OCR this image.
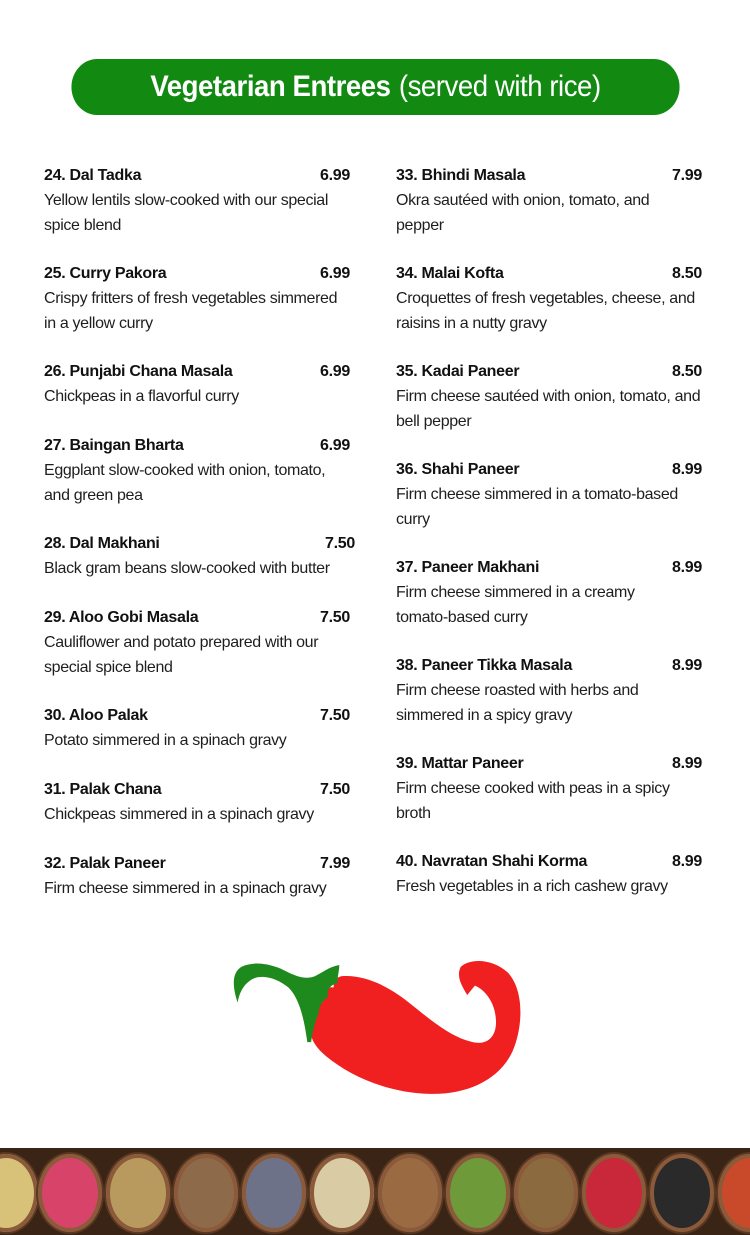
Vegetarian Entrees (served with rice)
24. Dal Tadka	6.99
Yellow lentils slow-cooked with our special spice blend
25. Curry Pakora	6.99
Crispy fritters of fresh vegetables simmered in a yellow curry
26. Punjabi Chana Masala	6.99
Chickpeas in a flavorful curry
27. Baingan Bharta	6.99
Eggplant slow-cooked with onion, tomato, and green pea
28. Dal Makhani	7.50
Black gram beans slow-cooked with butter
29. Aloo Gobi Masala	7.50
Cauliflower and potato prepared with our special spice blend
30. Aloo Palak	7.50
Potato simmered in a spinach gravy
31. Palak Chana	7.50
Chickpeas simmered in a spinach gravy
32. Palak Paneer	7.99
Firm cheese simmered in a spinach gravy
33. Bhindi Masala	7.99
Okra sautéed with onion, tomato, and pepper
34. Malai Kofta	8.50
Croquettes of fresh vegetables, cheese, and raisins in a nutty gravy
35. Kadai Paneer	8.50
Firm cheese sautéed with onion, tomato, and bell pepper
36. Shahi Paneer	8.99
Firm cheese simmered in a tomato-based curry
37. Paneer Makhani	8.99
Firm cheese simmered in a creamy tomato-based curry
38. Paneer Tikka Masala	8.99
Firm cheese roasted with herbs and simmered in a spicy gravy
39. Mattar Paneer	8.99
Firm cheese cooked with peas in a spicy broth
40. Navratan Shahi Korma	8.99
Fresh vegetables in a rich cashew gravy
